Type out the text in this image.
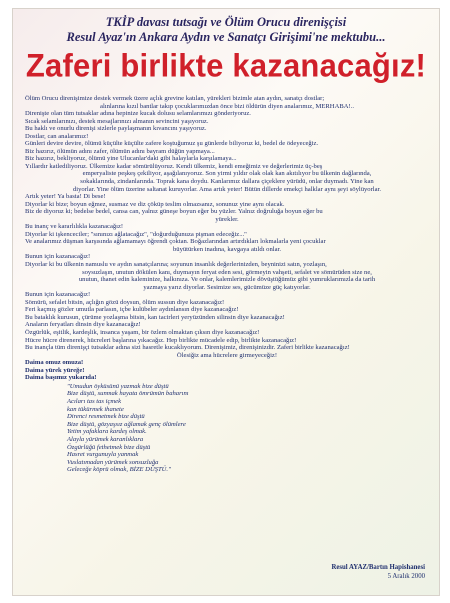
TKİP davası tutsağı ve Ölüm Orucu direnişçisi
Resul Ayaz'ın Ankara Aydın ve Sanatçı Girişimi'ne mektubu...
Zaferi birlikte kazanacağız!

Ölüm Orucu direnişimize destek vermek üzere açlık grevine katılan, yürekleri bizimle atan aydın, sanatçı dostlar;

alınlarına kızıl bantlar takıp çocuklarımızdan önce bizi öldürün diyen analarımız, MERHABA!..

Direnişte olan tüm tutsaklar adına hepinize kucak dolusu selamlarımızı gönderiyoruz.

Sıcak selamlarınızı, destek mesajlarınızı almanın sevincini yaşıyoruz.

Bu haklı ve onurlu direnişi sizlerle paylaşmanın kıvancını yaşıyoruz.

Dostlar, can analarımız!

Günleri devire devire, ölümü küçülte küçülte zafere koştuğumuz şu günlerde biliyoruz ki, bedel de ödeyeceğiz.

Biz hazırız, ölümün adını zafer, ölümün adını bayram düğün yapmaya...

Biz hazırız, bekliyoruz, ölümü yine Ulucanlar'daki gibi halaylarla karşılamaya...

Yıllardır katlediliyoruz. Ülkemize kadar sömürülüyoruz. Kendi ülkemiz, kendi emeğimiz ve değerlerimiz üç-beş

emperyaliste peşkeş çekiliyor, aşağılanıyoruz. Son yirmi yıldır olak olak kan akıtılıyor bu ülkenin dağlarında,

sokaklarında, zindanlarında. Toprak kana doydu. Kanlarımız dallara çiçeklere yürüdü, onlar duymadı. Yine kan

diyorlar. Yine ölüm üzerine saltanat kuruyorlar. Ama artık yeter! Bütün dillerde emekçi halklar aynı şeyi söylüyorlar.

Artık yeter! Ya basta! Di bese!

Diyorlar ki bize; boyun eğmez, susmaz ve diz çöküp teslim olmazsanız, sonunuz yine aynı olacak.

Biz de diyoruz ki; bedelse bedel, cansa can, yalnız güneşe boyun eğer bu yüzler. Yalnız doğruluğa boyun eğer bu

yürekler.

Bu inanç ve kararlılıkla kazanacağız!

Diyorlar ki işkenceciler; "sınınızı ağlatacağız", "doğurduğunuza pişman edeceğiz..."

Ve analarımız düşman karşısında ağlamamayı öğrendi çoktan. Boğazlarından artırdıkları lokmalarla yeni çocuklar

büyütürken inadına, kavgaya atıldı onlar.

Bunun için kazanacağız!

Diyorlar ki bu ülkenin namuslu ve aydın sanatçılarına; soyunun insanlık değerlerinizden, beyninizi satın, yozlaşın,

soysuzlaşın, unutun dökülen kanı, duymayın feryat eden sesi, görmeyin vahşeti, sefalet ve sömürüden size ne,

unutun, ihanet edin kaleminize, halkınıza. Ve onlar, kalemlerimizle dövüştüğümüz gibi yumruklarımızla da tarih

yazmaya yarız diyorlar. Sesimize ses, gücümüze güç katıyorlar.

Bunun için kazanacağız!

Sömürü, sefalet bitsin, açlığın gözü doysun, ölüm sussun diye kazanacağız!

Feri kaçmış gözler umutla parlasın, içbe kulübeler aydınlansın diye kazanacağız!

Bu bataklık kurusun, çürüme yozlaşma bitsin, kan tacirleri yeryüzünden silinsin diye kazanacağız!

Anaların feryatları dinsin diye kazanacağız!

Özgürlük, eşitlik, kardeşlik, insanca yaşam, bir özlem olmaktan çıksın diye kazanacağız!

Hücre hücre direnerek, hücreleri başlarına yıkacağız. Hep birlikte mücadele edip, birlikte kazanacağız!

Bu inançla tüm direnişçi tutsaklar adına sizi hasretle kucaklıyorum. Direnişimiz, direnişinizdir. Zaferi birlikte kazanacağız!

Ölesiğiz ama hücrelere girmeyeceğiz!

Daima omuz omuza!

Daima yürek yüreğe!

Daima başımız yukarıda!

"Umudun öyküsünü yazmak bize düştü
Bize düştü, sunmak hayata ömrümün baharını
Acıları tas tas içmek
kan tükürmek ihanete
Direnci resmetmek bize düştü
Bize düştü, gözyaşsız ağlamak genç ölümlere
Yetim yafaklara kardeş olmak.
Alayla yürümek karanlıklara
Özgürlüğü fethetmek bize düştü
Hasret vurgunuyla yanmak
Vuslatımadan yürümek sonsuzluğa
Geleceğe köprü olmak, BİZE DÜŞTÜ."
Resul AYAZ/Bartın Hapishanesi
5 Aralık 2000
